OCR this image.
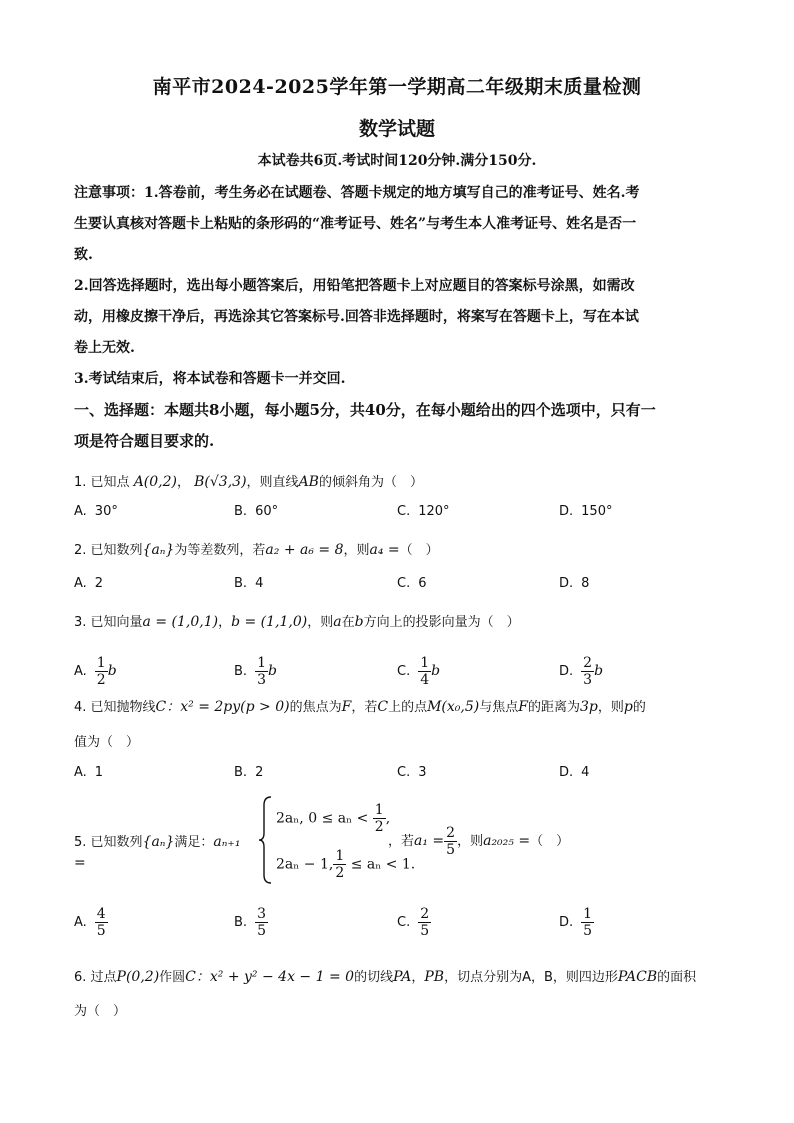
南平市2024-2025学年第一学期高二年级期末质量检测
数学试题
本试卷共6页.考试时间120分钟.满分150分.
注意事项：1.答卷前，考生务必在试题卷、答题卡规定的地方填写自己的准考证号、姓名.考
生要认真核对答题卡上粘贴的条形码的“准考证号、姓名”与考生本人准考证号、姓名是否一
致.
2.回答选择题时，选出每小题答案后，用铅笔把答题卡上对应题目的答案标号涂黑，如需改
动，用橡皮擦干净后，再选涂其它答案标号.回答非选择题时，将案写在答题卡上，写在本试
卷上无效.
3.考试结束后，将本试卷和答题卡一并交回.
一、选择题：本题共8小题，每小题5分，共40分，在每小题给出的四个选项中，只有一
项是符合题目要求的.
1. 已知点 A(0,2)， B(√3,3)，则直线AB的倾斜角为（　）
A. 30°	B. 60°	C. 120°	D. 150°
2. 已知数列{aₙ}为等差数列，若a₂ + a₆ = 8，则a₄ =（　）
A. 2	B. 4	C. 6	D. 8
3. 已知向量a = (1,0,1)，b = (1,1,0)，则a在b方向上的投影向量为（　）
A. $\frac{1}{2}$ b	B. $\frac{1}{3}$ b	C. $\frac{1}{4}$ b	D. $\frac{2}{3}$ b
4. 已知抛物线C：x² = 2py(p > 0)的焦点为F，若C上的点M(x₀,5)与焦点F的距离为3p，则p的
值为（　）
A. 1	B. 2	C. 3	D. 4
5. 已知数列{aₙ}满足：aₙ₊₁ =
2aₙ, $0 \le a_n < \frac{1}{2}$ ,
2aₙ − 1, $\frac{1}{2} \le a_n < 1$.
，若$a_1 = \frac{2}{5}$ ，则a₂₀₂₅ =（　）
A. $\frac{4}{5}$	B. $\frac{3}{5}$	C. $\frac{2}{5}$	D. $\frac{1}{5}$
6. 过点P(0,2)作圆C：x² + y² − 4x − 1 = 0的切线PA，PB，切点分别为A，B，则四边形PACB的面积
为（　）
